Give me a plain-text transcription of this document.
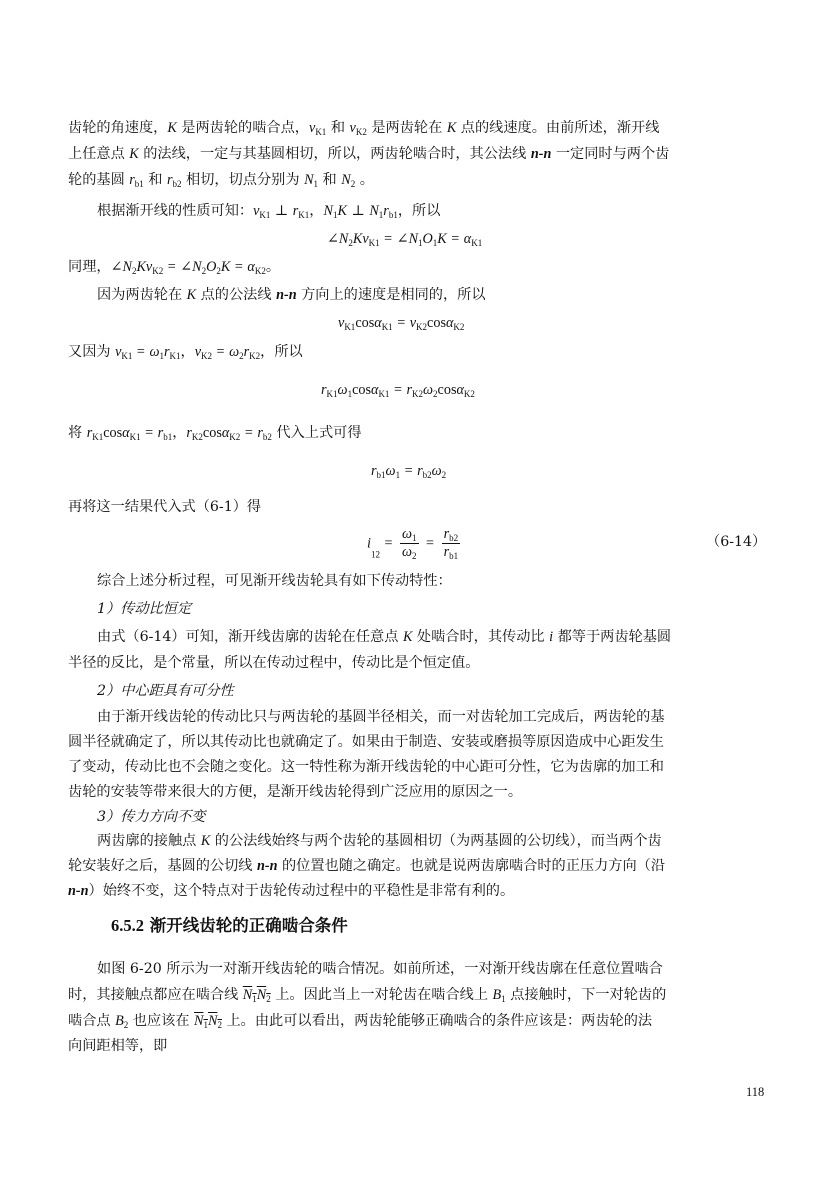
齿轮的角速度，K 是两齿轮的啮合点，$v_{K1}$ 和 $v_{K2}$ 是两齿轮在 K 点的线速度。由前所述，渐开线
上任意点 K 的法线，一定与其基圆相切，所以，两齿轮啮合时，其公法线 n-n 一定同时与两个齿
轮的基圆 $r_{b1}$ 和 $r_{b2}$ 相切，切点分别为 $N_1$ 和 $N_2$ 。
根据渐开线的性质可知：$v_{K1}$ ⊥ $r_{K1}$，$N_1K$ ⊥ $N_1r_{b1}$，所以
$\angle N_2Kv_{K1}$ = $\angle N_1O_1K = \alpha_{K1}$
同理，$\angle N_2Kv_{K2}$ = $\angle N_2O_2K = \alpha_{K2}$。
因为两齿轮在 K 点的公法线 n-n 方向上的速度是相同的，所以
$v_{K1}\cos\alpha_{K1} = v_{K2}\cos\alpha_{K2}$
又因为 $v_{K1} = \omega_1r_{K1}$，$v_{K2} = \omega_2r_{K2}$，所以
$r_{K1}\omega_1\cos\alpha_{K1} = r_{K2}\omega_2\cos\alpha_{K2}$
将 $r_{K1}\cos\alpha_{K1} = r_{b1}$，$r_{K2}\cos\alpha_{K2} = r_{b2}$ 代入上式可得
$r_{b1}\omega_1 = r_{b2}\omega_2$
再将这一结果代入式（6-1）得
$i_{12} = \frac{\omega_1}{\omega_2} = \frac{r_{b2}}{r_{b1}}$	（6-14）
综合上述分析过程，可见渐开线齿轮具有如下传动特性：
1）传动比恒定
由式（6-14）可知，渐开线齿廓的齿轮在任意点 K 处啮合时，其传动比 i 都等于两齿轮基圆
半径的反比，是个常量，所以在传动过程中，传动比是个恒定值。
2）中心距具有可分性
由于渐开线齿轮的传动比只与两齿轮的基圆半径相关，而一对齿轮加工完成后，两齿轮的基
圆半径就确定了，所以其传动比也就确定了。如果由于制造、安装或磨损等原因造成中心距发生
了变动，传动比也不会随之变化。这一特性称为渐开线齿轮的中心距可分性，它为齿廓的加工和
齿轮的安装等带来很大的方便，是渐开线齿轮得到广泛应用的原因之一。
3）传力方向不变
两齿廓的接触点 K 的公法线始终与两个齿轮的基圆相切（为两基圆的公切线），而当两个齿
轮安装好之后，基圆的公切线 n-n 的位置也随之确定。也就是说两齿廓啮合时的正压力方向（沿
n-n）始终不变，这个特点对于齿轮传动过程中的平稳性是非常有利的。
6.5.2 渐开线齿轮的正确啮合条件
如图 6-20 所示为一对渐开线齿轮的啮合情况。如前所述，一对渐开线齿廓在任意位置啮合
时，其接触点都应在啮合线 $N_1N_2$ 上。因此当上一对轮齿在啮合线上 $B_1$ 点接触时，下一对轮齿的
啮合点 $B_2$ 也应该在 $N_1N_2$ 上。由此可以看出，两齿轮能够正确啮合的条件应该是：两齿轮的法
向间距相等，即
118
